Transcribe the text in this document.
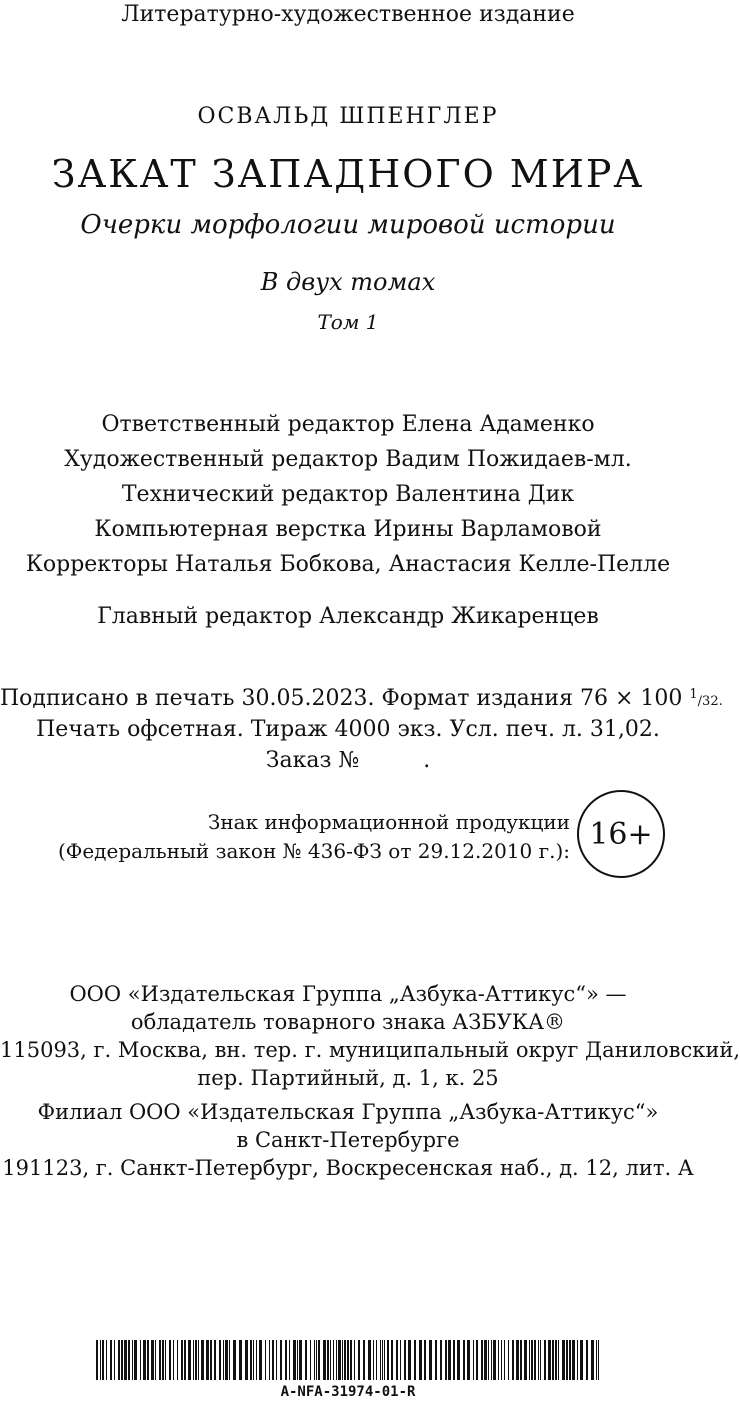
Литературно-художественное издание
ОСВАЛЬД ШПЕНГЛЕР
ЗАКАТ ЗАПАДНОГО МИРА
Очерки морфологии мировой истории
В двух томах
Том 1
Ответственный редактор Елена Адаменко
Художественный редактор Вадим Пожидаев-мл.
Технический редактор Валентина Дик
Компьютерная верстка Ирины Варламовой
Корректоры Наталья Бобкова, Анастасия Келле-Пелле
Главный редактор Александр Жикаренцев
Подписано в печать 30.05.2023. Формат издания 76 × 100 $^1$/32.
Печать офсетная. Тираж 4000 экз. Усл. печ. л. 31,02.
Заказ №	.
Знак информационной продукции
(Федеральный закон № 436-ФЗ от 29.12.2010 г.): 16+
ООО «Издательская Группа „Азбука-Аттикус“» —
обладатель товарного знака АЗБУКА®
115093, г. Москва, вн. тер. г. муниципальный округ Даниловский,
пер. Партийный, д. 1, к. 25
Филиал ООО «Издательская Группа „Азбука-Аттикус“»
в Санкт-Петербурге
191123, г. Санкт-Петербург, Воскресенская наб., д. 12, лит. А
A-NFA-31974-01-R
